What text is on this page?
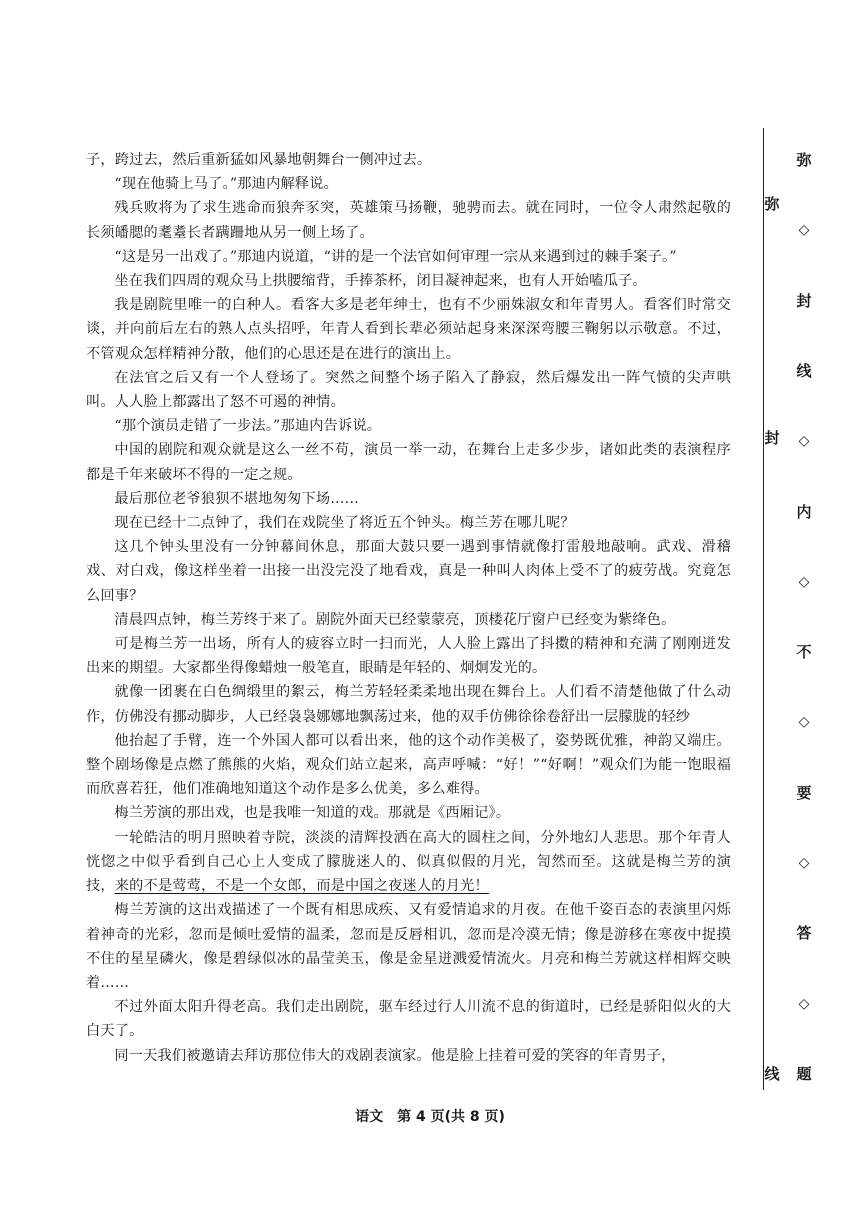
子，跨过去，然后重新猛如风暴地朝舞台一侧冲过去。

“现在他骑上马了。”那迪内解释说。

残兵败将为了求生逃命而狼奔豕突，英雄策马扬鞭，驰骋而去。就在同时，一位令人肃然起敬的长须皤腮的耄耋长者蹒跚地从另一侧上场了。

“这是另一出戏了。”那迪内说道，“讲的是一个法官如何审理一宗从来遇到过的棘手案子。”

坐在我们四周的观众马上拱腰缩背，手捧茶杯，闭目凝神起来，也有人开始嗑瓜子。

我是剧院里唯一的白种人。看客大多是老年绅士，也有不少丽姝淑女和年青男人。看客们时常交谈，并向前后左右的熟人点头招呼，年青人看到长辈必须站起身来深深弯腰三鞠躬以示敬意。不过，不管观众怎样精神分散，他们的心思还是在进行的演出上。

在法官之后又有一个人登场了。突然之间整个场子陷入了静寂，然后爆发出一阵气愤的尖声哄叫。人人脸上都露出了怒不可遏的神情。

“那个演员走错了一步法。”那迪内告诉说。

中国的剧院和观众就是这么一丝不苟，演员一举一动，在舞台上走多少步，诸如此类的表演程序都是千年来破坏不得的一定之规。

最后那位老爷狼狈不堪地匆匆下场……

现在已经十二点钟了，我们在戏院坐了将近五个钟头。梅兰芳在哪儿呢？

这几个钟头里没有一分钟幕间休息，那面大鼓只要一遇到事情就像打雷般地敲响。武戏、滑稽戏、对白戏，像这样坐着一出接一出没完没了地看戏，真是一种叫人肉体上受不了的疲劳战。究竟怎么回事？

清晨四点钟，梅兰芳终于来了。剧院外面天已经蒙蒙亮，顶楼花厅窗户已经变为紫绛色。

可是梅兰芳一出场，所有人的疲容立时一扫而光，人人脸上露出了抖擞的精神和充满了刚刚迸发出来的期望。大家都坐得像蜡烛一般笔直，眼睛是年轻的、炯炯发光的。

就像一团裹在白色绸缎里的絮云，梅兰芳轻轻柔柔地出现在舞台上。人们看不清楚他做了什么动作，仿佛没有挪动脚步，人已经袅袅娜娜地飘荡过来，他的双手仿佛徐徐卷舒出一层朦胧的轻纱

他抬起了手臂，连一个外国人都可以看出来，他的这个动作美极了，姿势既优雅，神韵又端庄。整个剧场像是点燃了熊熊的火焰，观众们站立起来，高声呼喊：“好！”“好啊！”观众们为能一饱眼福而欣喜若狂，他们准确地知道这个动作是多么优美，多么难得。

梅兰芳演的那出戏，也是我唯一知道的戏。那就是《西厢记》。

一轮皓洁的明月照映着寺院，淡淡的清辉投洒在高大的圆柱之间，分外地幻人悲思。那个年青人恍惚之中似乎看到自己心上人变成了朦胧迷人的、似真似假的月光，訇然而至。这就是梅兰芳的演技，来的不是莺莺，不是一个女郎，而是中国之夜迷人的月光！

梅兰芳演的这出戏描述了一个既有相思成疾、又有爱情追求的月夜。在他千姿百态的表演里闪烁着神奇的光彩，忽而是倾吐爱情的温柔，忽而是反唇相讥，忽而是冷漠无情；像是游移在寒夜中捉摸不住的星星磷火，像是碧绿似冰的晶莹美玉，像是金星迸溅爱情流火。月亮和梅兰芳就这样相辉交映着……

不过外面太阳升得老高。我们走出剧院，驱车经过行人川流不息的街道时，已经是骄阳似火的大白天了。

同一天我们被邀请去拜访那位伟大的戏剧表演家。他是脸上挂着可爱的笑容的年青男子，

弥
◇
封
线
◇
内
◇
不
◇
要
◇
答
◇
题
弥
封
线
语文　第 4 页(共 8 页)
